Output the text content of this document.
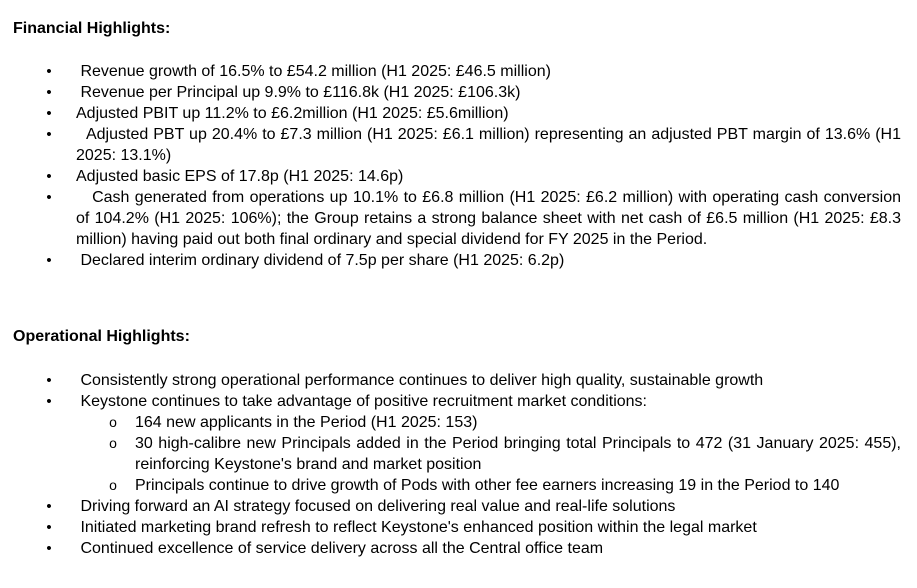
Financial Highlights:
• Revenue growth of 16.5% to £54.2 million (H1 2025: £46.5 million)
• Revenue per Principal up 9.9% to £116.8k (H1 2025: £106.3k)
• Adjusted PBIT up 11.2% to £6.2million (H1 2025: £5.6million)
• Adjusted PBT up 20.4% to £7.3 million (H1 2025: £6.1 million) representing an adjusted PBT margin of 13.6% (H1 2025: 13.1%)
• Adjusted basic EPS of 17.8p (H1 2025: 14.6p)
• Cash generated from operations up 10.1% to £6.8 million (H1 2025: £6.2 million) with operating cash conversion of 104.2% (H1 2025: 106%); the Group retains a strong balance sheet with net cash of £6.5 million (H1 2025: £8.3 million) having paid out both final ordinary and special dividend for FY 2025 in the Period.
• Declared interim ordinary dividend of 7.5p per share (H1 2025: 6.2p)
Operational Highlights:
• Consistently strong operational performance continues to deliver high quality, sustainable growth
• Keystone continues to take advantage of positive recruitment market conditions:
o 164 new applicants in the Period (H1 2025: 153)
o 30 high-calibre new Principals added in the Period bringing total Principals to 472 (31 January 2025: 455), reinforcing Keystone's brand and market position
o Principals continue to drive growth of Pods with other fee earners increasing 19 in the Period to 140
• Driving forward an AI strategy focused on delivering real value and real-life solutions
• Initiated marketing brand refresh to reflect Keystone's enhanced position within the legal market
• Continued excellence of service delivery across all the Central office team
